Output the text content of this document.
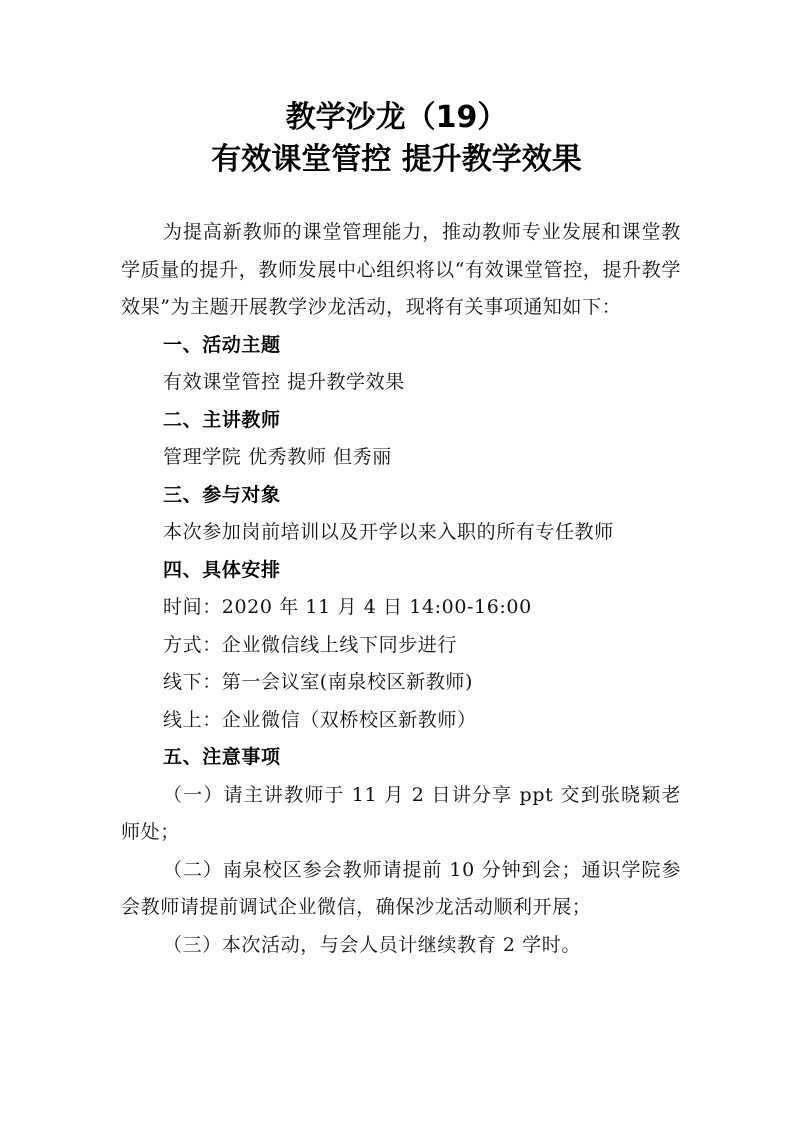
教学沙龙（19）
有效课堂管控 提升教学效果

为提高新教师的课堂管理能力，推动教师专业发展和课堂教学质量的提升，教师发展中心组织将以“有效课堂管控，提升教学效果”为主题开展教学沙龙活动，现将有关事项通知如下：

一、活动主题

有效课堂管控 提升教学效果

二、主讲教师

管理学院 优秀教师 但秀丽

三、参与对象

本次参加岗前培训以及开学以来入职的所有专任教师

四、具体安排

时间：2020 年 11 月 4 日 14:00-16:00

方式：企业微信线上线下同步进行

线下：第一会议室(南泉校区新教师)

线上：企业微信（双桥校区新教师）

五、注意事项

（一）请主讲教师于 11 月 2 日讲分享 ppt 交到张晓颖老师处；

（二）南泉校区参会教师请提前 10 分钟到会；通识学院参会教师请提前调试企业微信，确保沙龙活动顺利开展；

（三）本次活动，与会人员计继续教育 2 学时。
